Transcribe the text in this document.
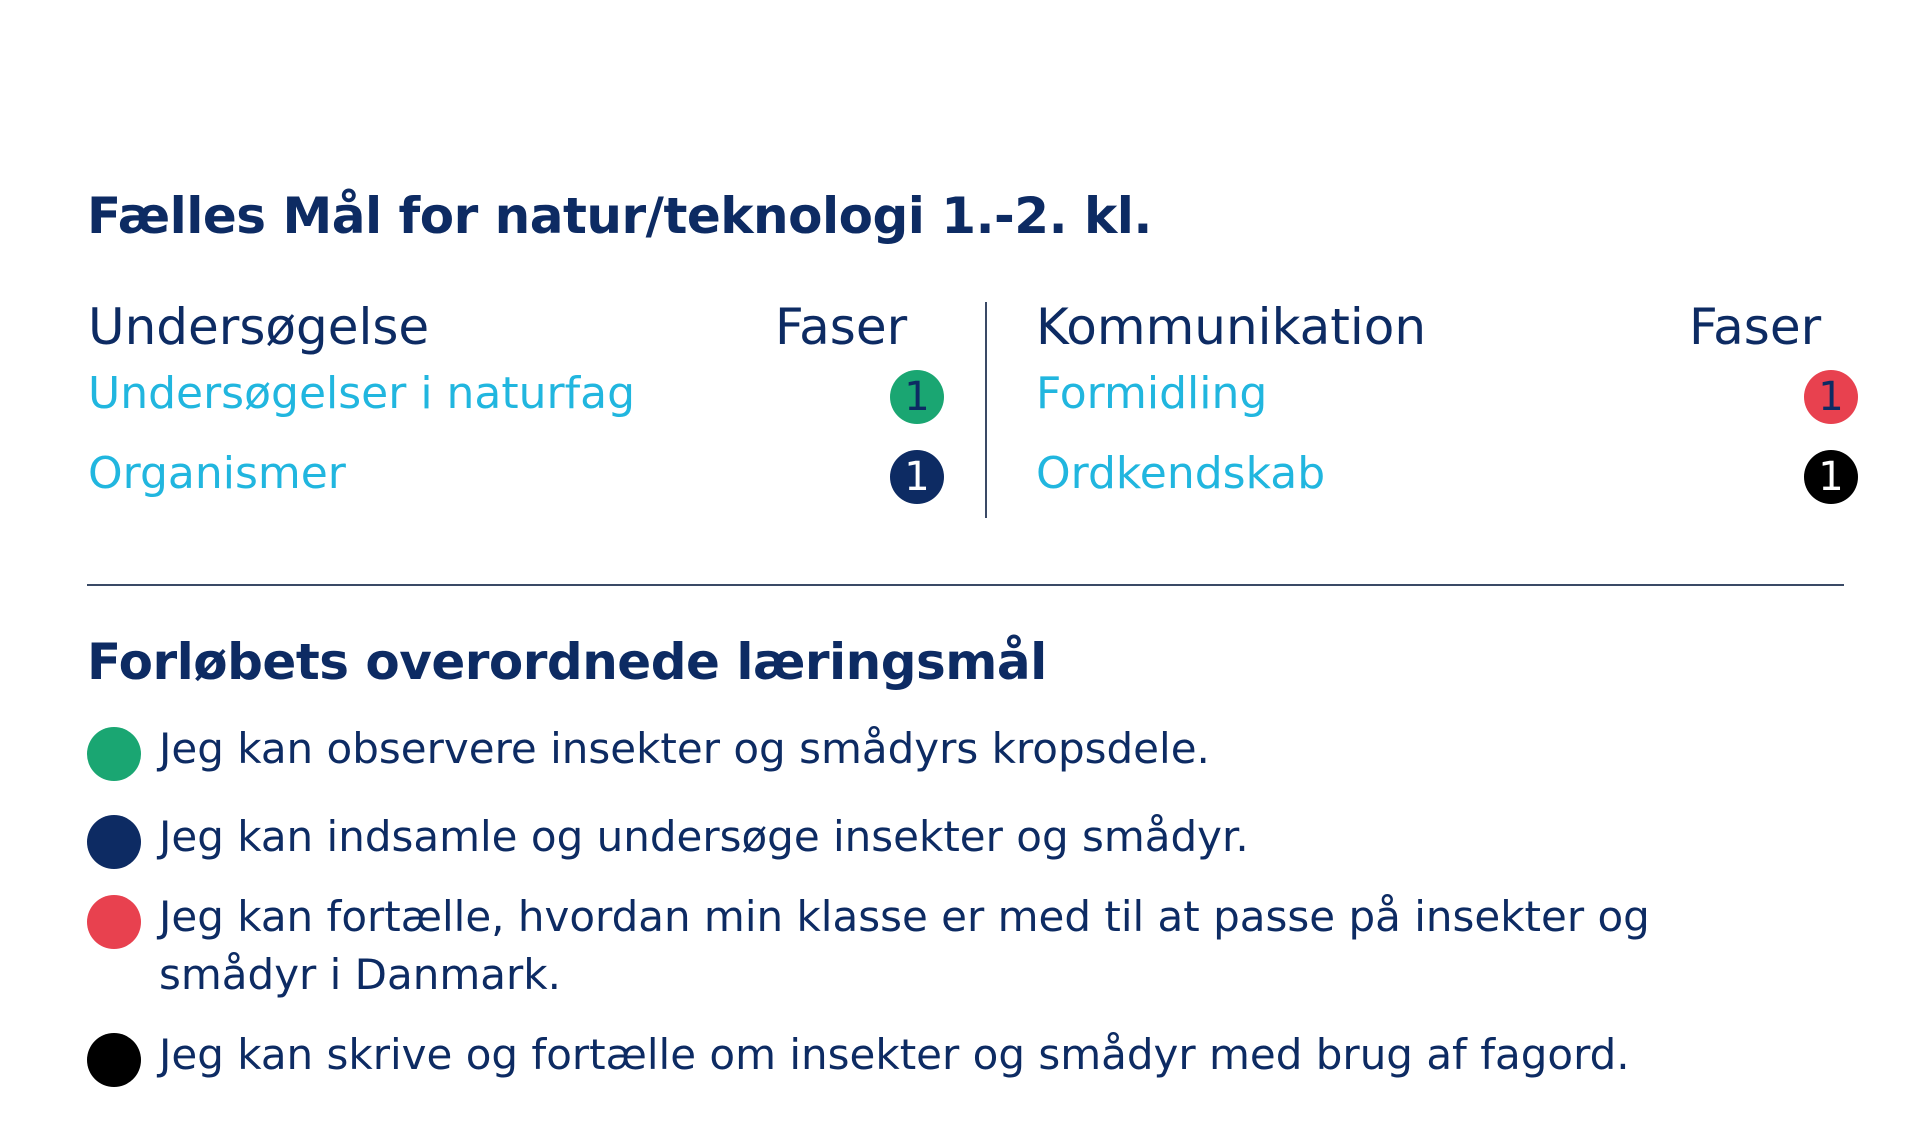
Fælles Mål for natur/teknologi 1.-2. kl.
Undersøgelse	Faser
Undersøgelser i naturfag	1
Organismer	1
Kommunikation	Faser
Formidling	1
Ordkendskab	1
Forløbets overordnede læringsmål
Jeg kan observere insekter og smådyrs kropsdele.
Jeg kan indsamle og undersøge insekter og smådyr.
Jeg kan fortælle, hvordan min klasse er med til at passe på insekter og smådyr i Danmark.
Jeg kan skrive og fortælle om insekter og smådyr med brug af fagord.
